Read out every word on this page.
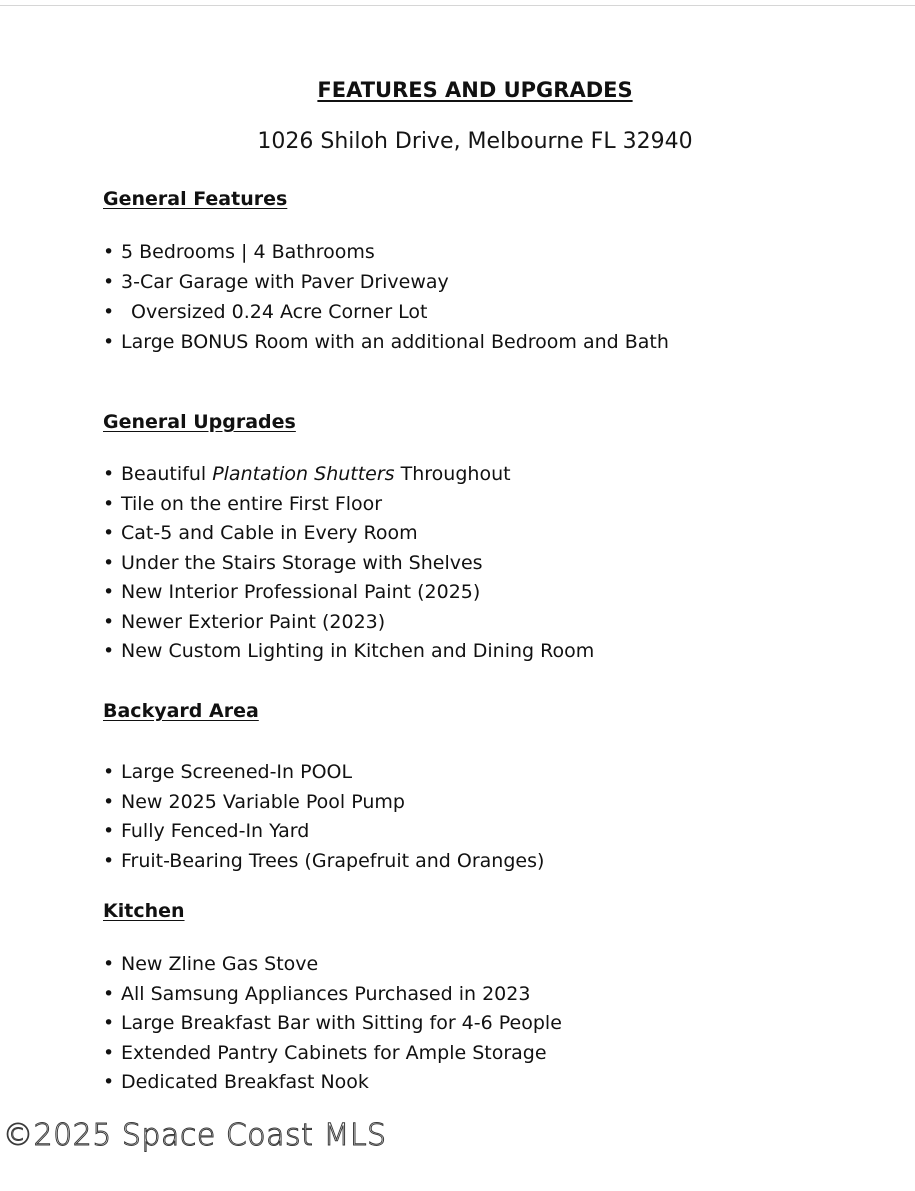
FEATURES AND UPGRADES
1026 Shiloh Drive, Melbourne FL 32940
General Features
• 5 Bedrooms | 4 Bathrooms
• 3-Car Garage with Paver Driveway
• Oversized 0.24 Acre Corner Lot
• Large BONUS Room with an additional Bedroom and Bath
General Upgrades
• Beautiful Plantation Shutters Throughout
• Tile on the entire First Floor
• Cat-5 and Cable in Every Room
• Under the Stairs Storage with Shelves
• New Interior Professional Paint (2025)
• Newer Exterior Paint (2023)
• New Custom Lighting in Kitchen and Dining Room
Backyard Area
• Large Screened-In POOL
• New 2025 Variable Pool Pump
• Fully Fenced-In Yard
• Fruit-Bearing Trees (Grapefruit and Oranges)
Kitchen
• New Zline Gas Stove
• All Samsung Appliances Purchased in 2023
• Large Breakfast Bar with Sitting for 4-6 People
• Extended Pantry Cabinets for Ample Storage
• Dedicated Breakfast Nook
©2025 Space Coast MLS
